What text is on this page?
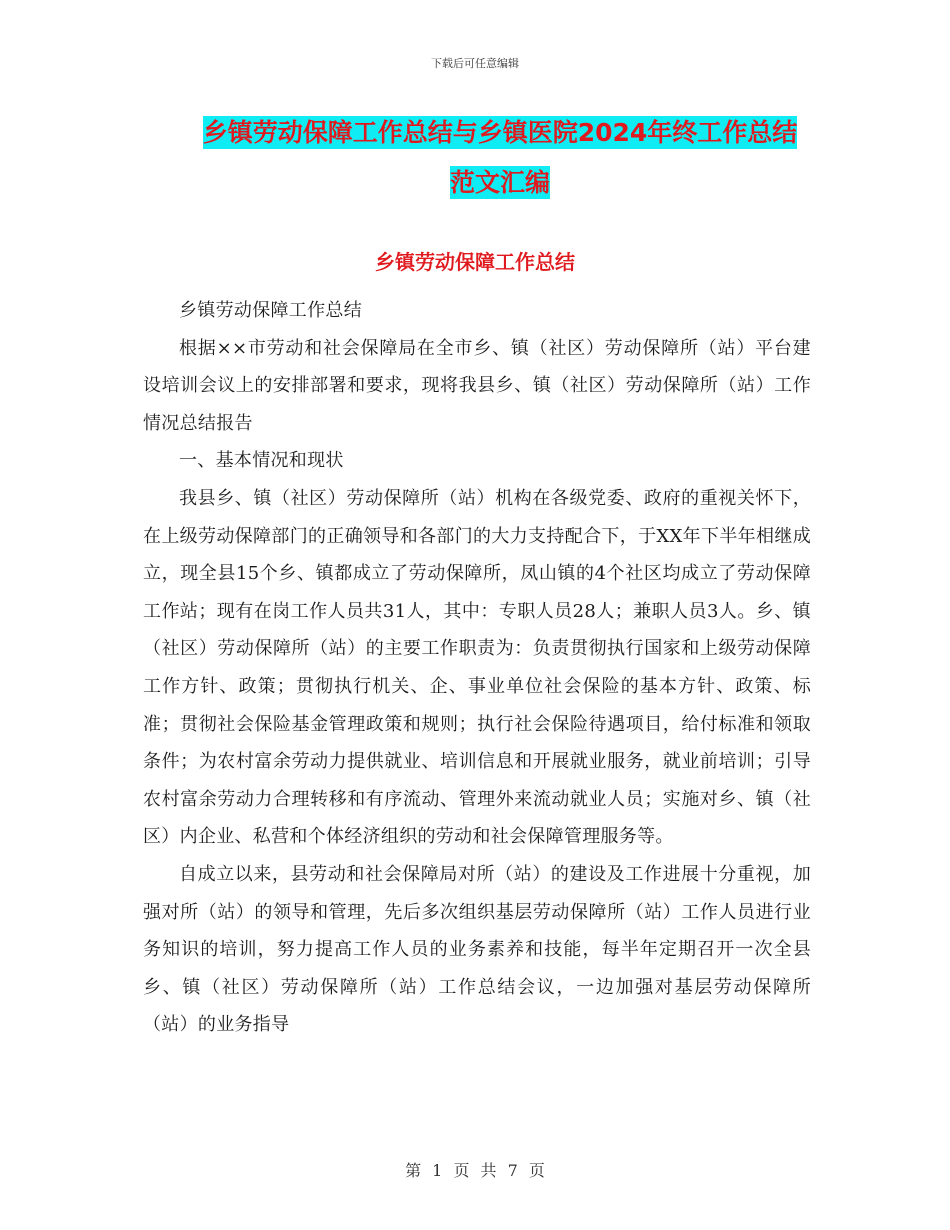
下载后可任意编辑
乡镇劳动保障工作总结与乡镇医院2024年终工作总结
范文汇编
乡镇劳动保障工作总结

乡镇劳动保障工作总结

根据××市劳动和社会保障局在全市乡、镇（社区）劳动保障所（站）平台建设培训会议上的安排部署和要求，现将我县乡、镇（社区）劳动保障所（站）工作情况总结报告

一、基本情况和现状

我县乡、镇（社区）劳动保障所（站）机构在各级党委、政府的重视关怀下，在上级劳动保障部门的正确领导和各部门的大力支持配合下，于XX年下半年相继成立，现全县15个乡、镇都成立了劳动保障所，凤山镇的4个社区均成立了劳动保障工作站；现有在岗工作人员共31人，其中：专职人员28人；兼职人员3人。乡、镇（社区）劳动保障所（站）的主要工作职责为：负责贯彻执行国家和上级劳动保障工作方针、政策；贯彻执行机关、企、事业单位社会保险的基本方针、政策、标准；贯彻社会保险基金管理政策和规则；执行社会保险待遇项目，给付标准和领取条件；为农村富余劳动力提供就业、培训信息和开展就业服务，就业前培训；引导农村富余劳动力合理转移和有序流动、管理外来流动就业人员；实施对乡、镇（社区）内企业、私营和个体经济组织的劳动和社会保障管理服务等。

自成立以来，县劳动和社会保障局对所（站）的建设及工作进展十分重视，加强对所（站）的领导和管理，先后多次组织基层劳动保障所（站）工作人员进行业务知识的培训，努力提高工作人员的业务素养和技能，每半年定期召开一次全县乡、镇（社区）劳动保障所（站）工作总结会议，一边加强对基层劳动保障所（站）的业务指导

第 1 页 共 7 页
